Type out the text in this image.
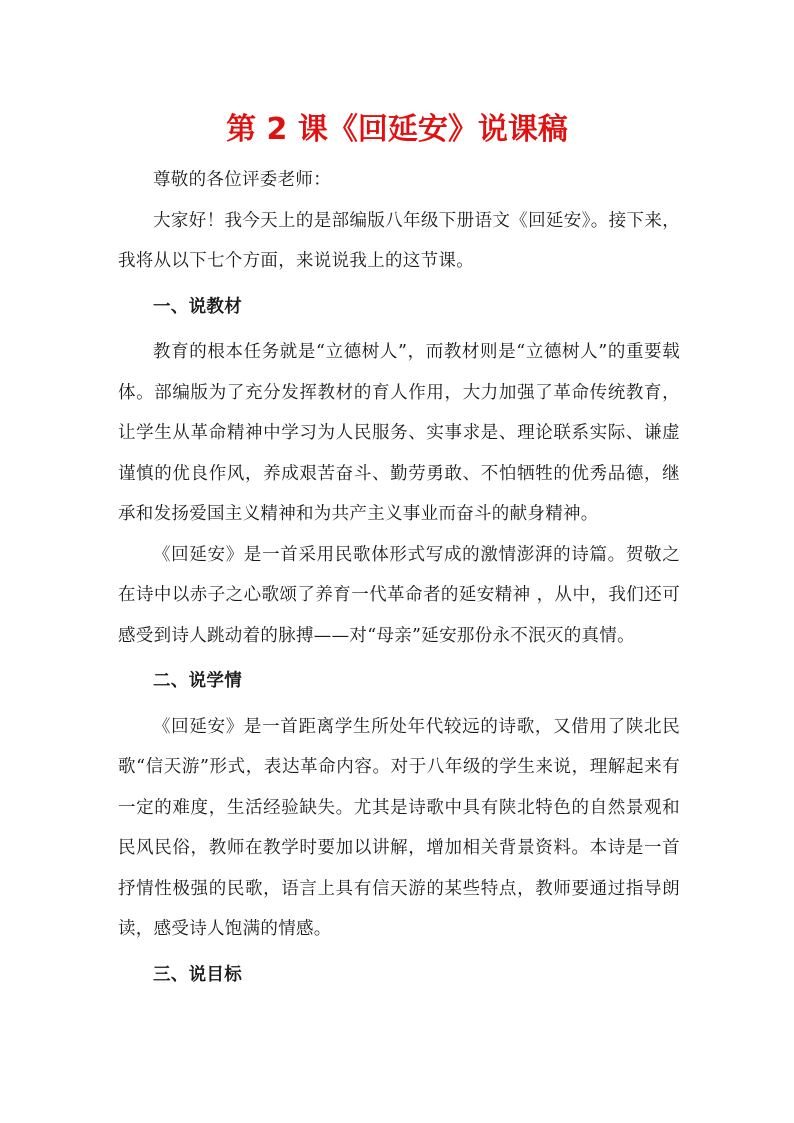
第 2 课《回延安》说课稿

尊敬的各位评委老师：

大家好！我今天上的是部编版八年级下册语文《回延安》。接下来，我将从以下七个方面，来说说我上的这节课。

一、说教材

教育的根本任务就是“立德树人”，而教材则是“立德树人”的重要载体。部编版为了充分发挥教材的育人作用，大力加强了革命传统教育，让学生从革命精神中学习为人民服务、实事求是、理论联系实际、谦虚谨慎的优良作风，养成艰苦奋斗、勤劳勇敢、不怕牺牲的优秀品德，继承和发扬爱国主义精神和为共产主义事业而奋斗的献身精神。

《回延安》是一首采用民歌体形式写成的激情澎湃的诗篇。贺敬之在诗中以赤子之心歌颂了养育一代革命者的延安精神 ，从中，我们还可感受到诗人跳动着的脉搏——对“母亲”延安那份永不泯灭的真情。

二、说学情

《回延安》是一首距离学生所处年代较远的诗歌，又借用了陕北民歌“信天游”形式，表达革命内容。对于八年级的学生来说，理解起来有一定的难度，生活经验缺失。尤其是诗歌中具有陕北特色的自然景观和民风民俗，教师在教学时要加以讲解，增加相关背景资料。本诗是一首抒情性极强的民歌，语言上具有信天游的某些特点，教师要通过指导朗读，感受诗人饱满的情感。

三、说目标
